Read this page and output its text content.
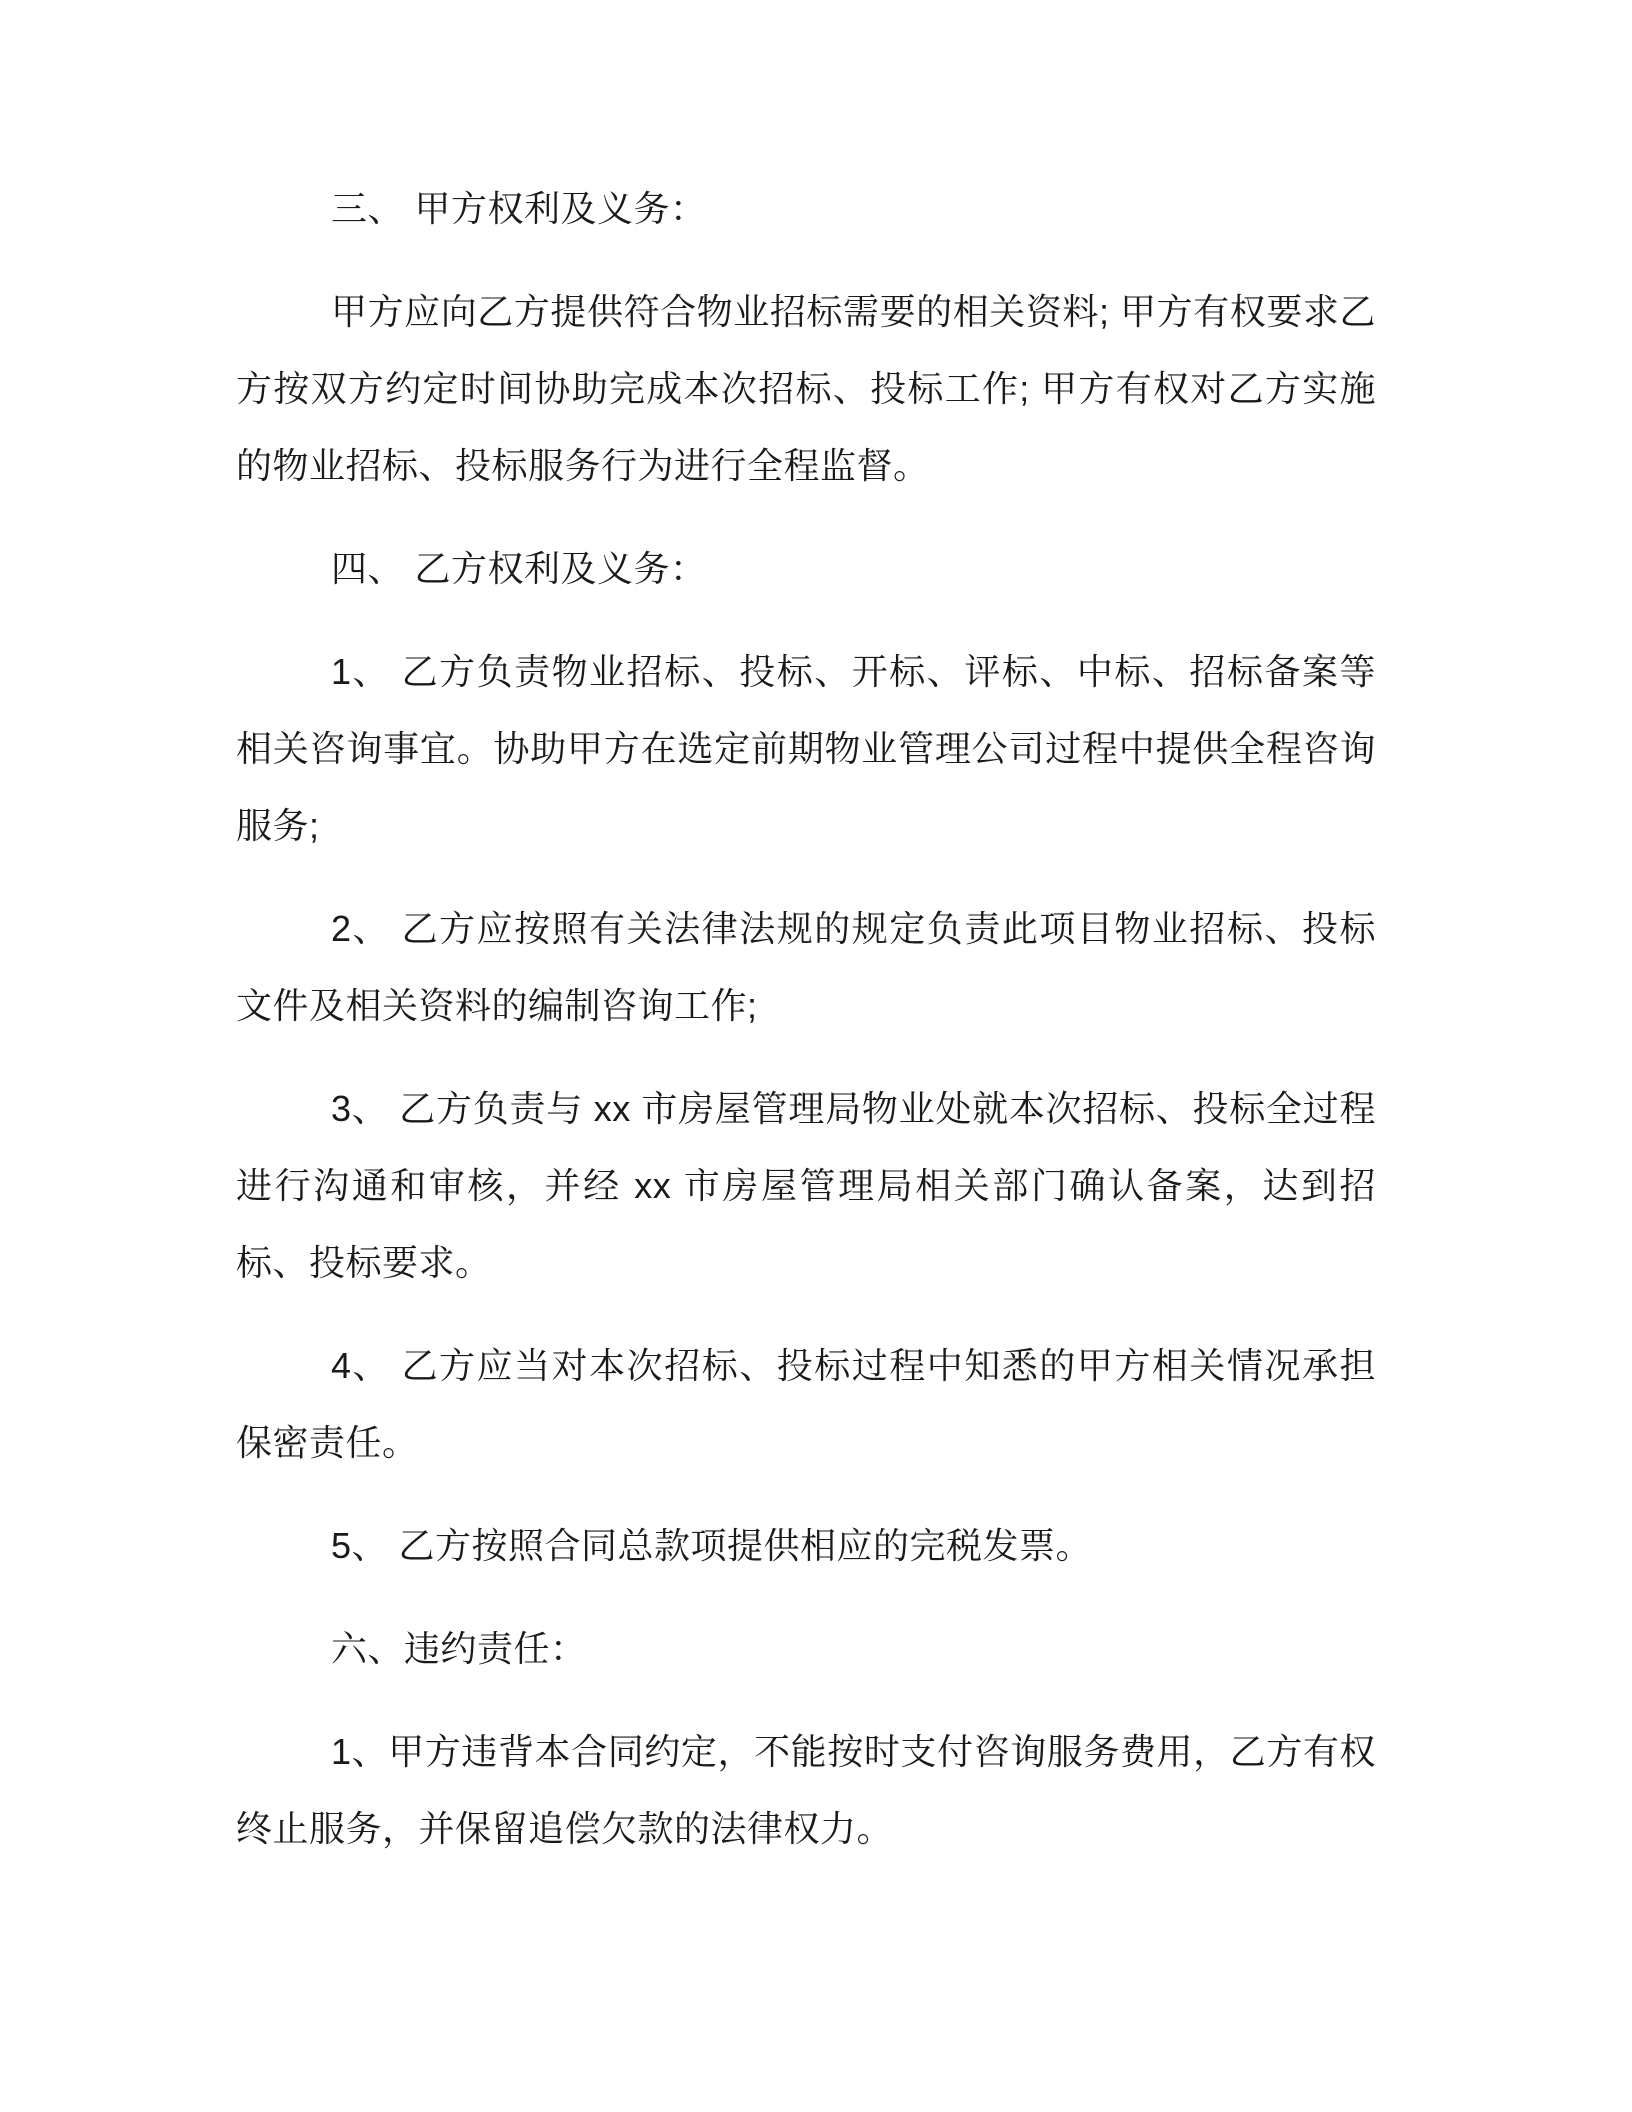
三、 甲方权利及义务：

甲方应向乙方提供符合物业招标需要的相关资料; 甲方有权要求乙方按双方约定时间协助完成本次招标、投标工作; 甲方有权对乙方实施的物业招标、投标服务行为进行全程监督。

四、 乙方权利及义务：

1、 乙方负责物业招标、投标、开标、评标、中标、招标备案等相关咨询事宜。协助甲方在选定前期物业管理公司过程中提供全程咨询服务;

2、 乙方应按照有关法律法规的规定负责此项目物业招标、投标文件及相关资料的编制咨询工作;

3、 乙方负责与 xx 市房屋管理局物业处就本次招标、投标全过程进行沟通和审核，并经 xx 市房屋管理局相关部门确认备案，达到招标、投标要求。

4、 乙方应当对本次招标、投标过程中知悉的甲方相关情况承担保密责任。

5、 乙方按照合同总款项提供相应的完税发票。

六、违约责任：

1、甲方违背本合同约定，不能按时支付咨询服务费用，乙方有权终止服务，并保留追偿欠款的法律权力。
